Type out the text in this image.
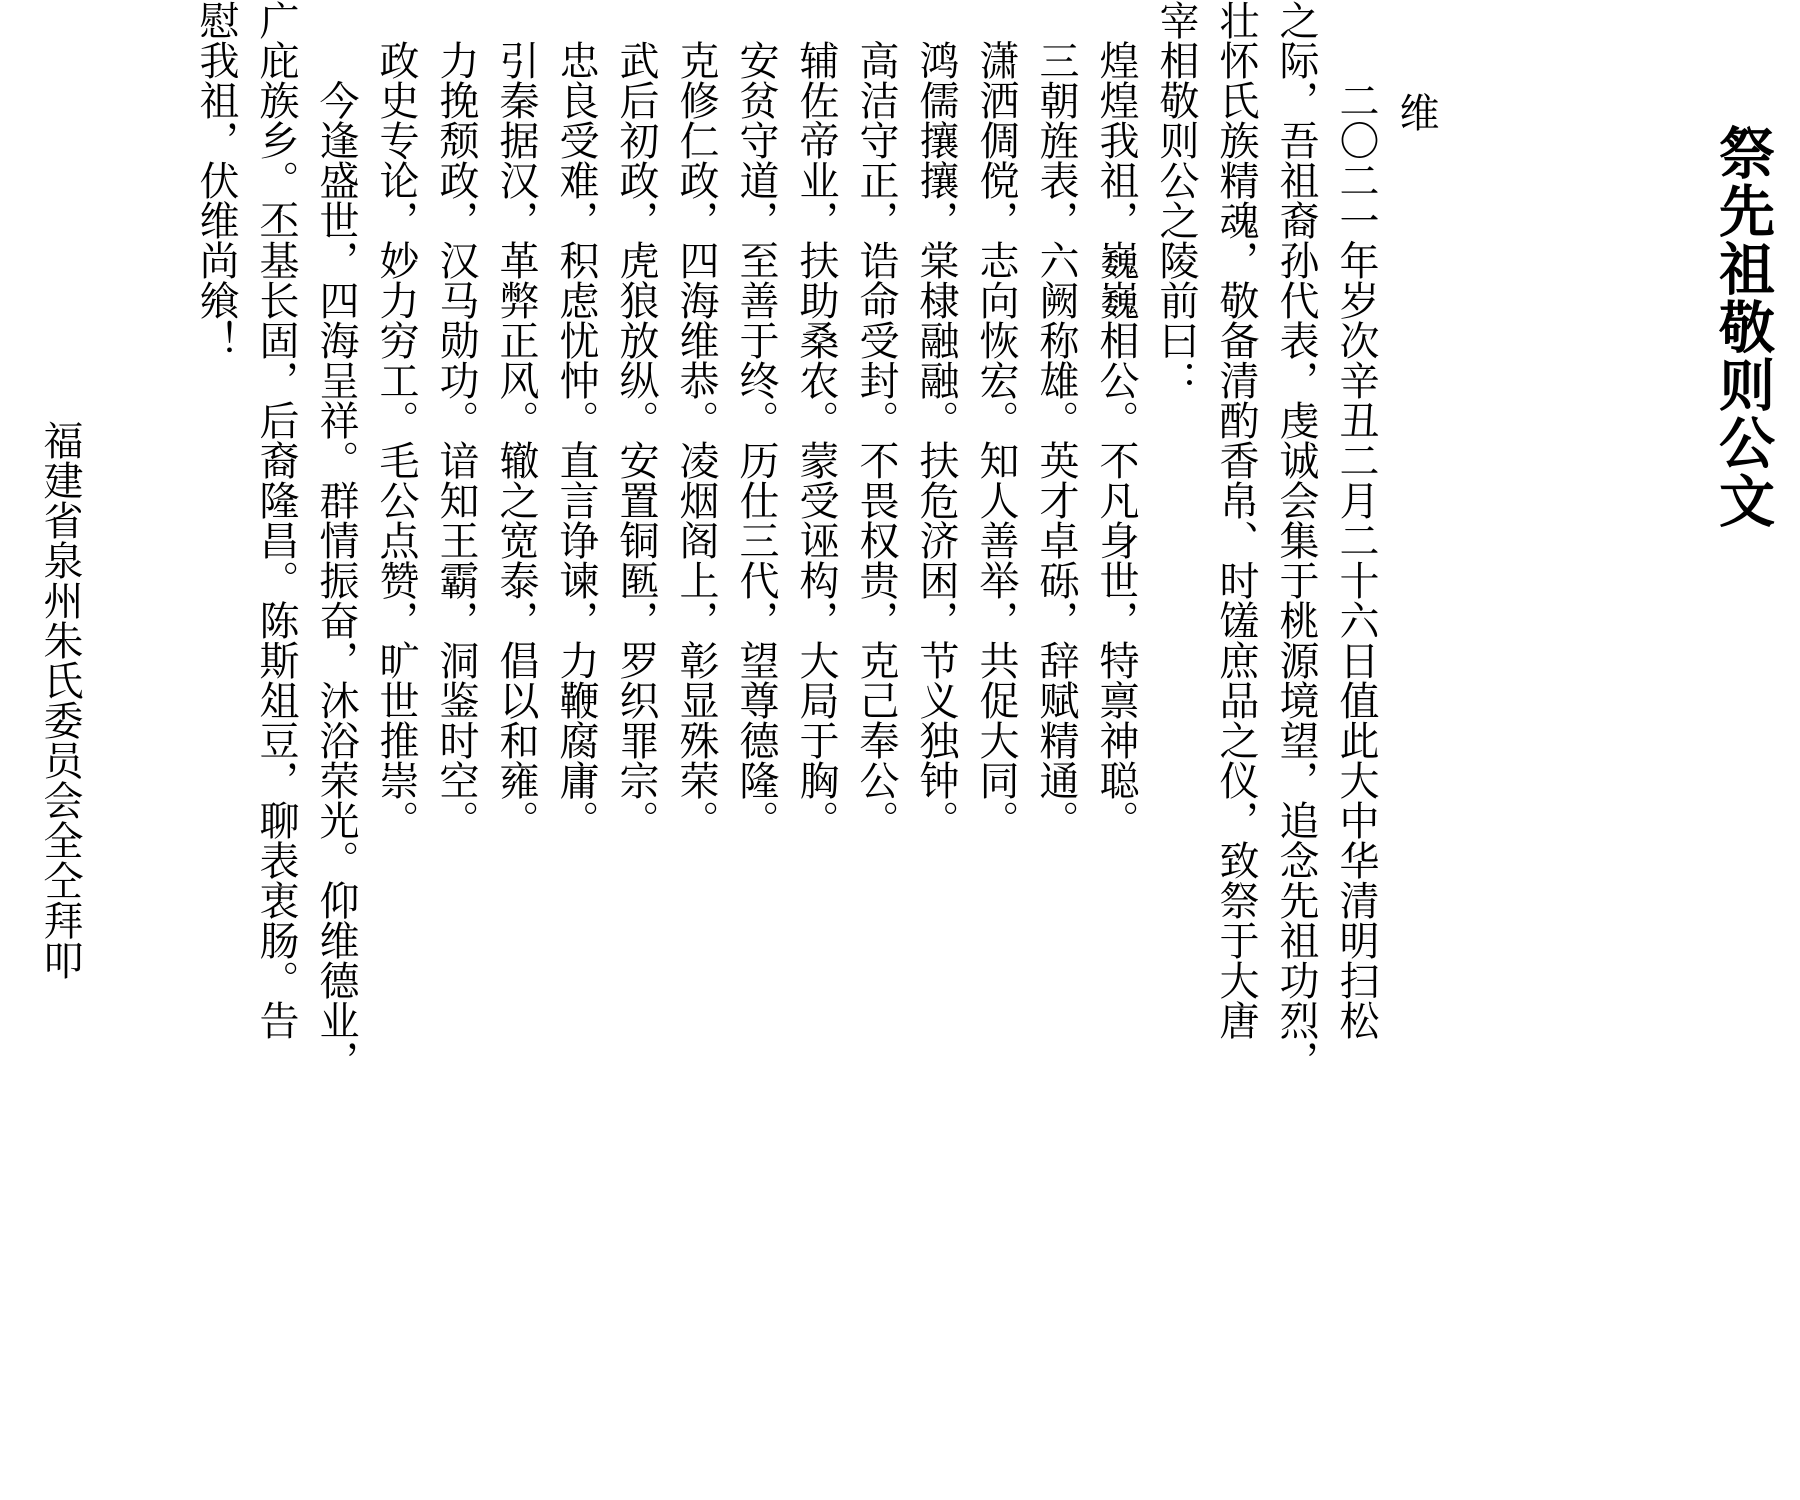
祭先祖敬则公文
维
二〇二一年岁次辛丑二月二十六日值此大中华清明扫松
之际，吾祖裔孙代表，虔诚会集于桃源境望，追念先祖功烈，
壮怀氏族精魂，敬备清酌香帛、时馐庶品之仪，致祭于大唐
宰相敬则公之陵前曰：
煌煌我祖，巍巍相公。不凡身世，特禀神聪。
三朝旌表，六阙称雄。英才卓砾，辞赋精通。
潇洒倜傥，志向恢宏。知人善举，共促大同。
鸿儒攘攘，棠棣融融。扶危济困，节义独钟。
高洁守正，诰命受封。不畏权贵，克己奉公。
辅佐帝业，扶助桑农。蒙受诬构，大局于胸。
安贫守道，至善于终。历仕三代，望尊德隆。
克修仁政，四海维恭。凌烟阁上，彰显殊荣。
武后初政，虎狼放纵。安置铜匦，罗织罪宗。
忠良受难，积虑忧忡。直言诤谏，力鞭腐庸。
引秦据汉，革弊正风。辙之宽泰，倡以和雍。
力挽颓政，汉马勋功。谙知王霸，洞鉴时空。
政史专论，妙力穷工。毛公点赞，旷世推崇。
今逢盛世，四海呈祥。群情振奋，沐浴荣光。仰维德业，
广庇族乡。丕基长固，后裔隆昌。陈斯俎豆，聊表衷肠。告
慰我祖，伏维尚飨！
福建省泉州朱氏委员会全仝拜叩
